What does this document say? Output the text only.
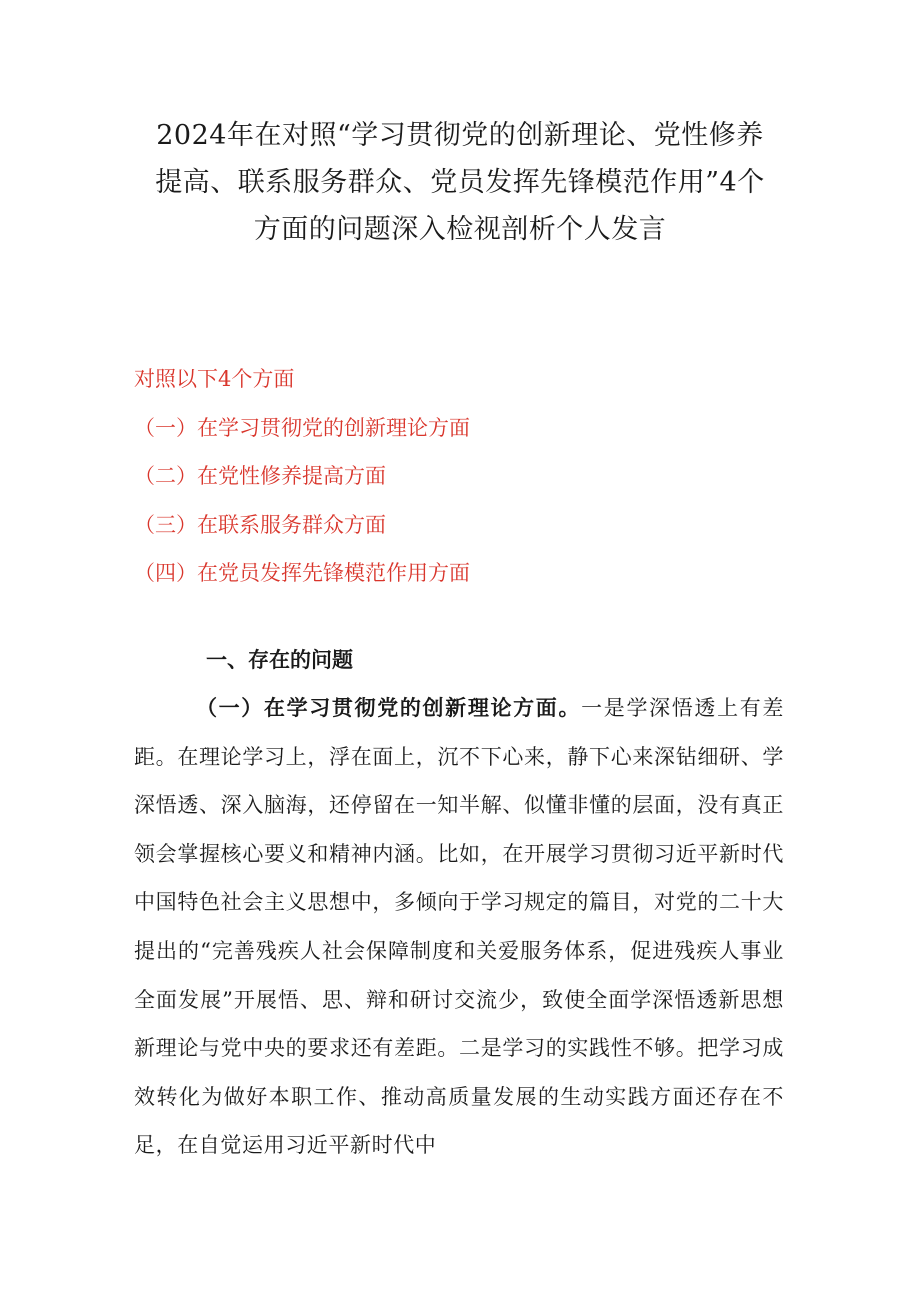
2024年在对照“学习贯彻党的创新理论、党性修养
提高、联系服务群众、党员发挥先锋模范作用”4个
方面的问题深入检视剖析个人发言
对照以下4个方面
（一）在学习贯彻党的创新理论方面
（二）在党性修养提高方面
（三）在联系服务群众方面
（四）在党员发挥先锋模范作用方面
一、存在的问题

（一）在学习贯彻党的创新理论方面。一是学深悟透上有差距。在理论学习上，浮在面上，沉不下心来，静下心来深钻细研、学深悟透、深入脑海，还停留在一知半解、似懂非懂的层面，没有真正领会掌握核心要义和精神内涵。比如，在开展学习贯彻习近平新时代中国特色社会主义思想中，多倾向于学习规定的篇目，对党的二十大提出的“完善残疾人社会保障制度和关爱服务体系，促进残疾人事业全面发展”开展悟、思、辩和研讨交流少，致使全面学深悟透新思想新理论与党中央的要求还有差距。二是学习的实践性不够。把学习成效转化为做好本职工作、推动高质量发展的生动实践方面还存在不足，在自觉运用习近平新时代中
